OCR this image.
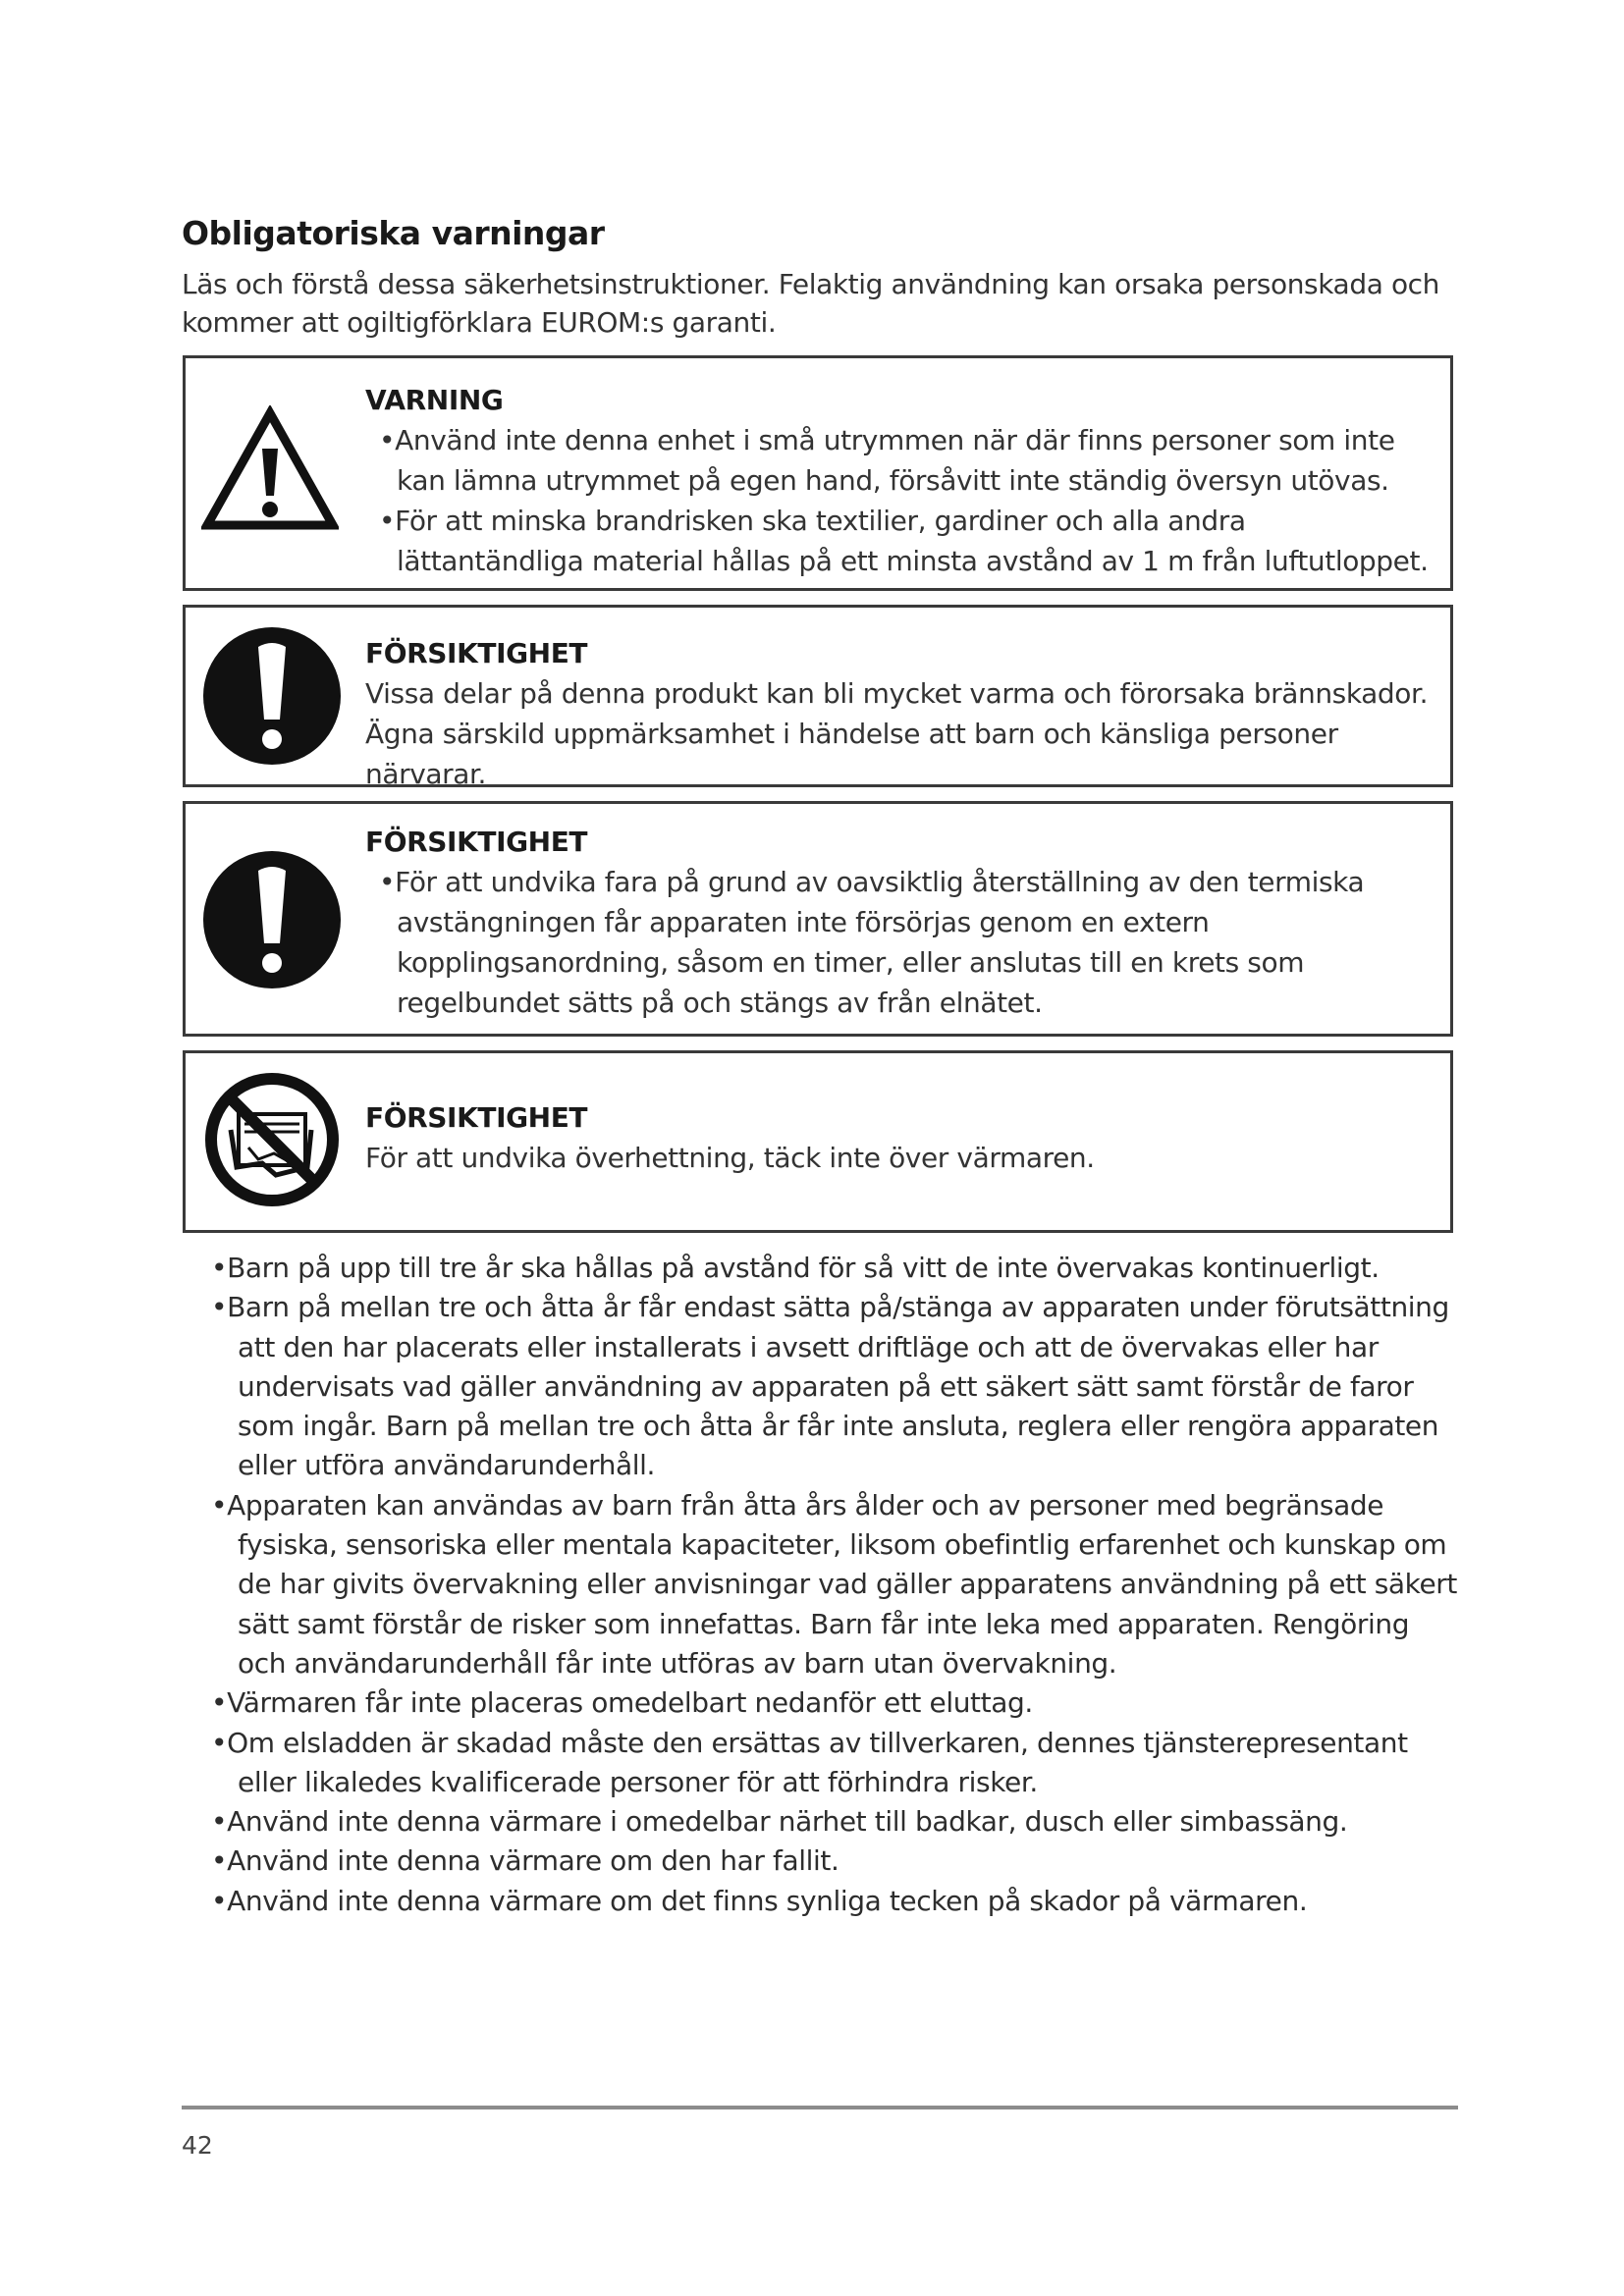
Obligatoriska varningar

Läs och förstå dessa säkerhetsinstruktioner. Felaktig användning kan orsaka personskada och

kommer att ogiltigförklara EUROM:s garanti.

VARNING
•Använd inte denna enhet i små utrymmen när där finns personer som inte kan lämna utrymmet på egen hand, försåvitt inte ständig översyn utövas.
•För att minska brandrisken ska textilier, gardiner och alla andra lättantändliga material hållas på ett minsta avstånd av 1 m från luftutloppet.
FÖRSIKTIGHET
Vissa delar på denna produkt kan bli mycket varma och förorsaka brännskador.
Ägna särskild uppmärksamhet i händelse att barn och känsliga personer närvarar.
FÖRSIKTIGHET
•För att undvika fara på grund av oavsiktlig återställning av den termiska avstängningen får apparaten inte försörjas genom en extern kopplingsanordning, såsom en timer, eller anslutas till en krets som regelbundet sätts på och stängs av från elnätet.
FÖRSIKTIGHET
För att undvika överhettning, täck inte över värmaren.
•Barn på upp till tre år ska hållas på avstånd för så vitt de inte övervakas kontinuerligt.
•Barn på mellan tre och åtta år får endast sätta på/stänga av apparaten under förutsättning att den har placerats eller installerats i avsett driftläge och att de övervakas eller har undervisats vad gäller användning av apparaten på ett säkert sätt samt förstår de faror som ingår. Barn på mellan tre och åtta år får inte ansluta, reglera eller rengöra apparaten eller utföra användarunderhåll.
•Apparaten kan användas av barn från åtta års ålder och av personer med begränsade fysiska, sensoriska eller mentala kapaciteter, liksom obefintlig erfarenhet och kunskap om de har givits övervakning eller anvisningar vad gäller apparatens användning på ett säkert sätt samt förstår de risker som innefattas. Barn får inte leka med apparaten. Rengöring och användarunderhåll får inte utföras av barn utan övervakning.
•Värmaren får inte placeras omedelbart nedanför ett eluttag.
•Om elsladden är skadad måste den ersättas av tillverkaren, dennes tjänsterepresentant eller likaledes kvalificerade personer för att förhindra risker.
•Använd inte denna värmare i omedelbar närhet till badkar, dusch eller simbassäng.
•Använd inte denna värmare om den har fallit.
•Använd inte denna värmare om det finns synliga tecken på skador på värmaren.
42
